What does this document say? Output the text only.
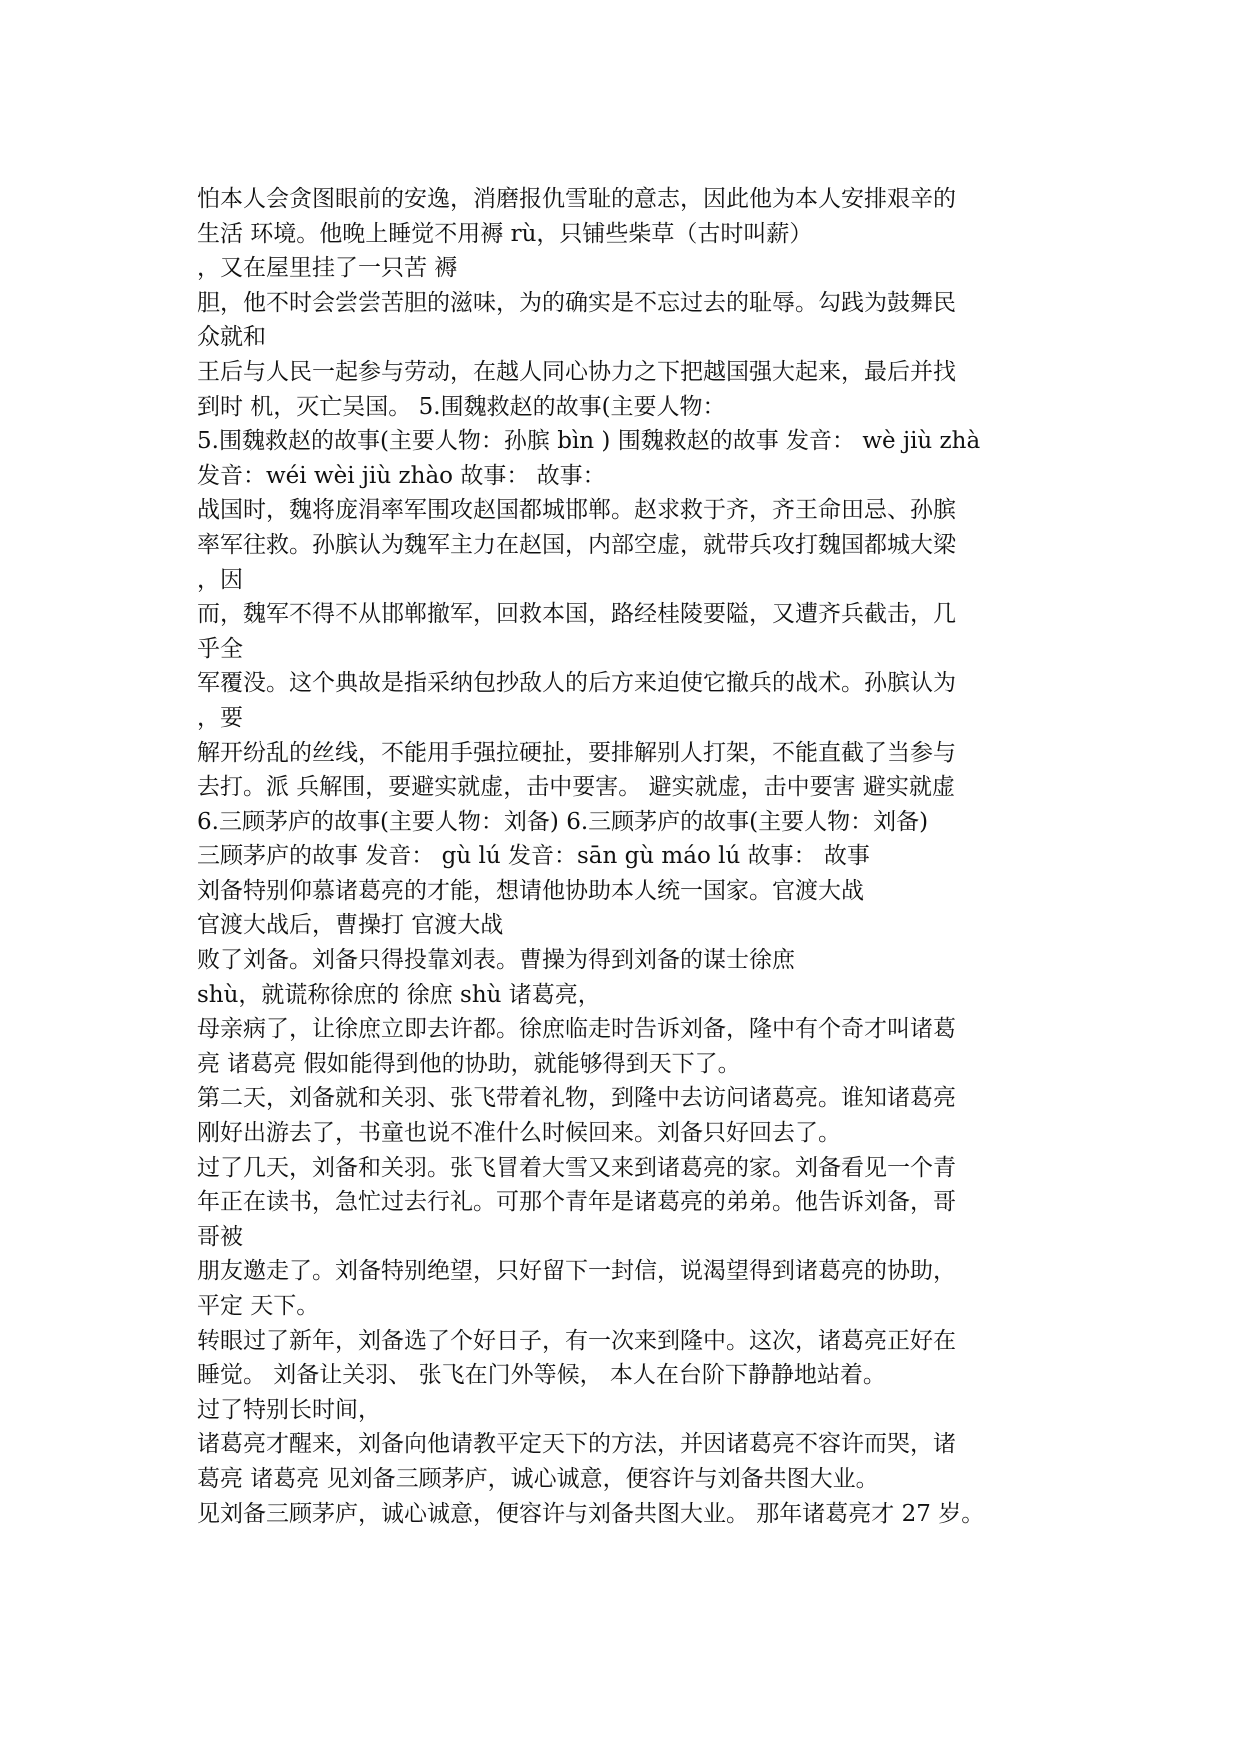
怕本人会贪图眼前的安逸，消磨报仇雪耻的意志，因此他为本人安排艰辛的
生活 环境。他晚上睡觉不用褥 rù，只铺些柴草（古时叫薪）
，又在屋里挂了一只苦 褥
胆，他不时会尝尝苦胆的滋味，为的确实是不忘过去的耻辱。勾践为鼓舞民
众就和
王后与人民一起参与劳动，在越人同心协力之下把越国强大起来，最后并找
到时 机，灭亡吴国。 5.围魏救赵的故事(主要人物：
5.围魏救赵的故事(主要人物：孙膑 bìn ) 围魏救赵的故事 发音： wè jiù zhà
发音：wéi wèi jiù zhào 故事： 故事：
战国时，魏将庞涓率军围攻赵国都城邯郸。赵求救于齐，齐王命田忌、孙膑
率军往救。孙膑认为魏军主力在赵国，内部空虚，就带兵攻打魏国都城大梁
，因
而，魏军不得不从邯郸撤军，回救本国，路经桂陵要隘，又遭齐兵截击，几
乎全
军覆没。这个典故是指采纳包抄敌人的后方来迫使它撤兵的战术。孙膑认为
，要
解开纷乱的丝线，不能用手强拉硬扯，要排解别人打架，不能直截了当参与
去打。派 兵解围，要避实就虚，击中要害。 避实就虚，击中要害 避实就虚
6.三顾茅庐的故事(主要人物：刘备) 6.三顾茅庐的故事(主要人物：刘备)
三顾茅庐的故事 发音： gù lú 发音：sān gù máo lú 故事： 故事
刘备特别仰慕诸葛亮的才能，想请他协助本人统一国家。官渡大战
官渡大战后，曹操打 官渡大战
败了刘备。刘备只得投靠刘表。曹操为得到刘备的谋士徐庶
shù，就谎称徐庶的 徐庶 shù 诸葛亮，
母亲病了，让徐庶立即去许都。徐庶临走时告诉刘备，隆中有个奇才叫诸葛
亮 诸葛亮 假如能得到他的协助，就能够得到天下了。
第二天，刘备就和关羽、张飞带着礼物，到隆中去访问诸葛亮。谁知诸葛亮
刚好出游去了，书童也说不准什么时候回来。刘备只好回去了。
过了几天，刘备和关羽。张飞冒着大雪又来到诸葛亮的家。刘备看见一个青
年正在读书，急忙过去行礼。可那个青年是诸葛亮的弟弟。他告诉刘备，哥
哥被
朋友邀走了。刘备特别绝望，只好留下一封信，说渴望得到诸葛亮的协助，
平定 天下。
转眼过了新年，刘备选了个好日子，有一次来到隆中。这次，诸葛亮正好在
睡觉。 刘备让关羽、 张飞在门外等候， 本人在台阶下静静地站着。
过了特别长时间，
诸葛亮才醒来，刘备向他请教平定天下的方法，并因诸葛亮不容许而哭，诸
葛亮 诸葛亮 见刘备三顾茅庐，诚心诚意，便容许与刘备共图大业。
见刘备三顾茅庐，诚心诚意，便容许与刘备共图大业。 那年诸葛亮才 27 岁。
